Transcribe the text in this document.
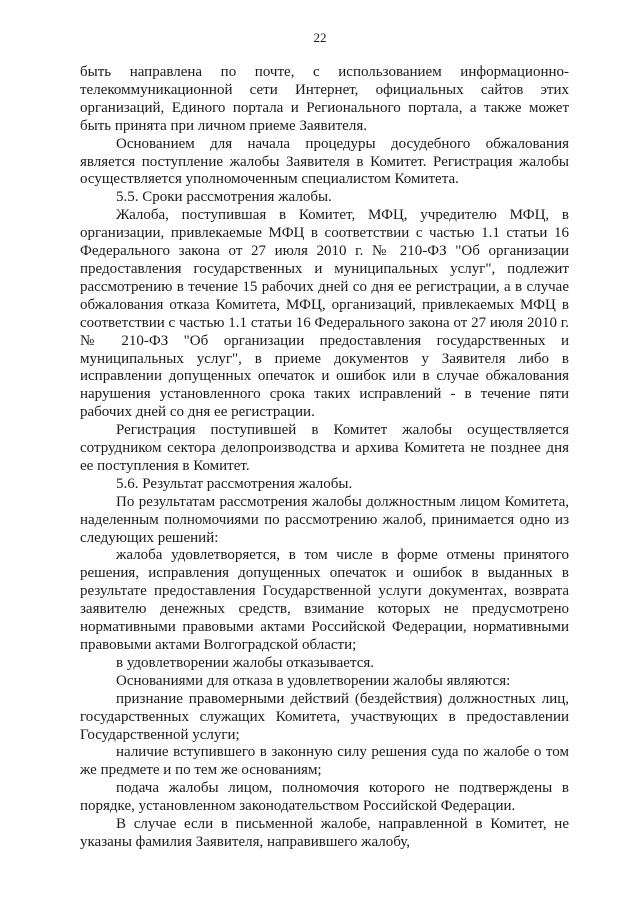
22

быть направлена по почте, с использованием информационно-телекоммуникационной сети Интернет, официальных сайтов этих организаций, Единого портала и Регионального портала, а также может быть принята при личном приеме Заявителя.

Основанием для начала процедуры досудебного обжалования является поступление жалобы Заявителя в Комитет. Регистрация жалобы осуществляется уполномоченным специалистом Комитета.

5.5. Сроки рассмотрения жалобы.

Жалоба, поступившая в Комитет, МФЦ, учредителю МФЦ, в организации, привлекаемые МФЦ в соответствии с частью 1.1 статьи 16 Федерального закона от 27 июля 2010 г. № 210-ФЗ "Об организации предоставления государственных и муниципальных услуг", подлежит рассмотрению в течение 15 рабочих дней со дня ее регистрации, а в случае обжалования отказа Комитета, МФЦ, организаций, привлекаемых МФЦ в соответствии с частью 1.1 статьи 16 Федерального закона от 27 июля 2010 г. № 210-ФЗ "Об организации предоставления государственных и муниципальных услуг", в приеме документов у Заявителя либо в исправлении допущенных опечаток и ошибок или в случае обжалования нарушения установленного срока таких исправлений - в течение пяти рабочих дней со дня ее регистрации.

Регистрация поступившей в Комитет жалобы осуществляется сотрудником сектора делопроизводства и архива Комитета не позднее дня ее поступления в Комитет.

5.6. Результат рассмотрения жалобы.

По результатам рассмотрения жалобы должностным лицом Комитета, наделенным полномочиями по рассмотрению жалоб, принимается одно из следующих решений:

жалоба удовлетворяется, в том числе в форме отмены принятого решения, исправления допущенных опечаток и ошибок в выданных в результате предоставления Государственной услуги документах, возврата заявителю денежных средств, взимание которых не предусмотрено нормативными правовыми актами Российской Федерации, нормативными правовыми актами Волгоградской области;

в удовлетворении жалобы отказывается.

Основаниями для отказа в удовлетворении жалобы являются:

признание правомерными действий (бездействия) должностных лиц, государственных служащих Комитета, участвующих в предоставлении Государственной услуги;

наличие вступившего в законную силу решения суда по жалобе о том же предмете и по тем же основаниям;

подача жалобы лицом, полномочия которого не подтверждены в порядке, установленном законодательством Российской Федерации.

В случае если в письменной жалобе, направленной в Комитет, не указаны фамилия Заявителя, направившего жалобу,
